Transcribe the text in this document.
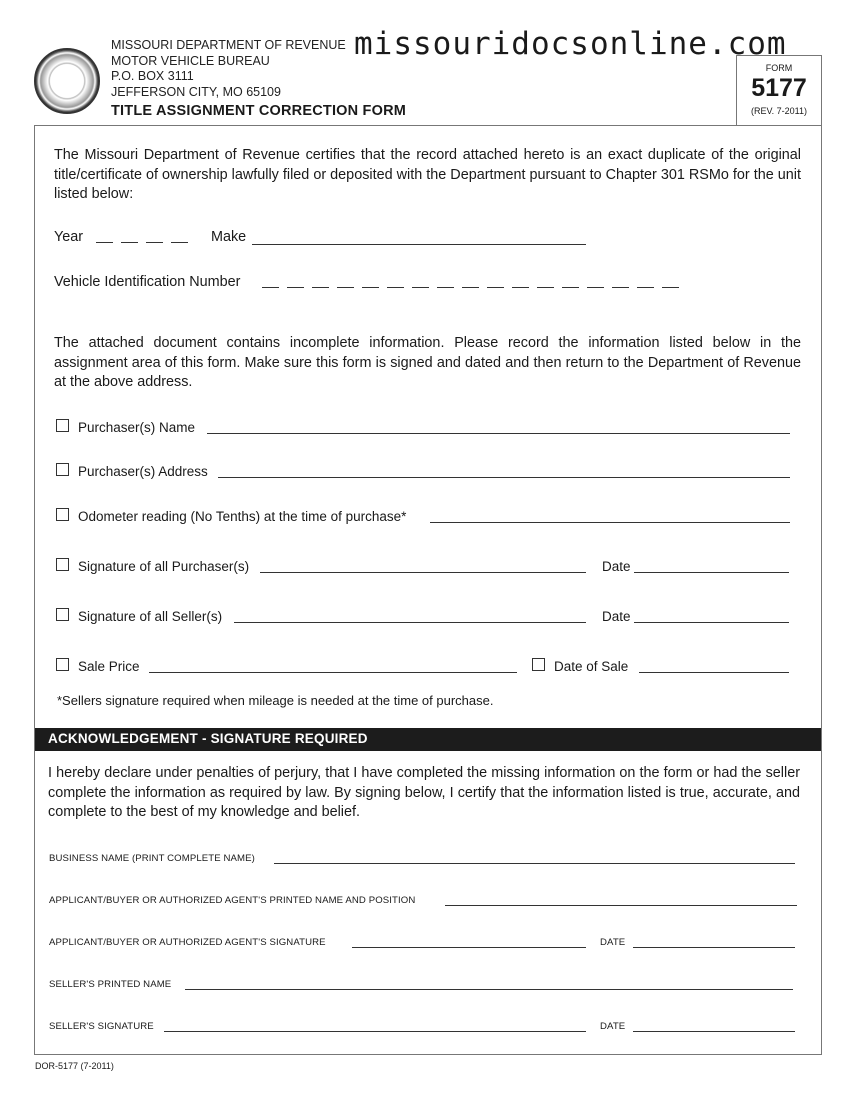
MISSOURI DEPARTMENT OF REVENUE
MOTOR VEHICLE BUREAU
P.O. BOX 3111
JEFFERSON CITY, MO 65109
missouridocsonline.com
TITLE ASSIGNMENT CORRECTION FORM
FORM
5177
(REV. 7-2011)
The Missouri Department of Revenue certifies that the record attached hereto is an exact duplicate of the original title/certificate of ownership lawfully filed or deposited with the Department pursuant to Chapter 301 RSMo for the unit listed below:
Year	Make
Vehicle Identification Number
The attached document contains incomplete information. Please record the information listed below in the assignment area of this form. Make sure this form is signed and dated and then return to the Department of Revenue at the above address.
Purchaser(s) Name
Purchaser(s) Address
Odometer reading (No Tenths) at the time of purchase*
Signature of all Purchaser(s)	Date
Signature of all Seller(s)	Date
Sale Price	Date of Sale
*Sellers signature required when mileage is needed at the time of purchase.
ACKNOWLEDGEMENT - SIGNATURE REQUIRED
I hereby declare under penalties of perjury, that I have completed the missing information on the form or had the seller complete the information as required by law. By signing below, I certify that the information listed is true, accurate, and complete to the best of my knowledge and belief.
BUSINESS NAME (PRINT COMPLETE NAME)
APPLICANT/BUYER OR AUTHORIZED AGENT'S PRINTED NAME AND POSITION
APPLICANT/BUYER OR AUTHORIZED AGENT'S SIGNATURE	DATE
SELLER'S PRINTED NAME
SELLER'S SIGNATURE	DATE
DOR-5177 (7-2011)
